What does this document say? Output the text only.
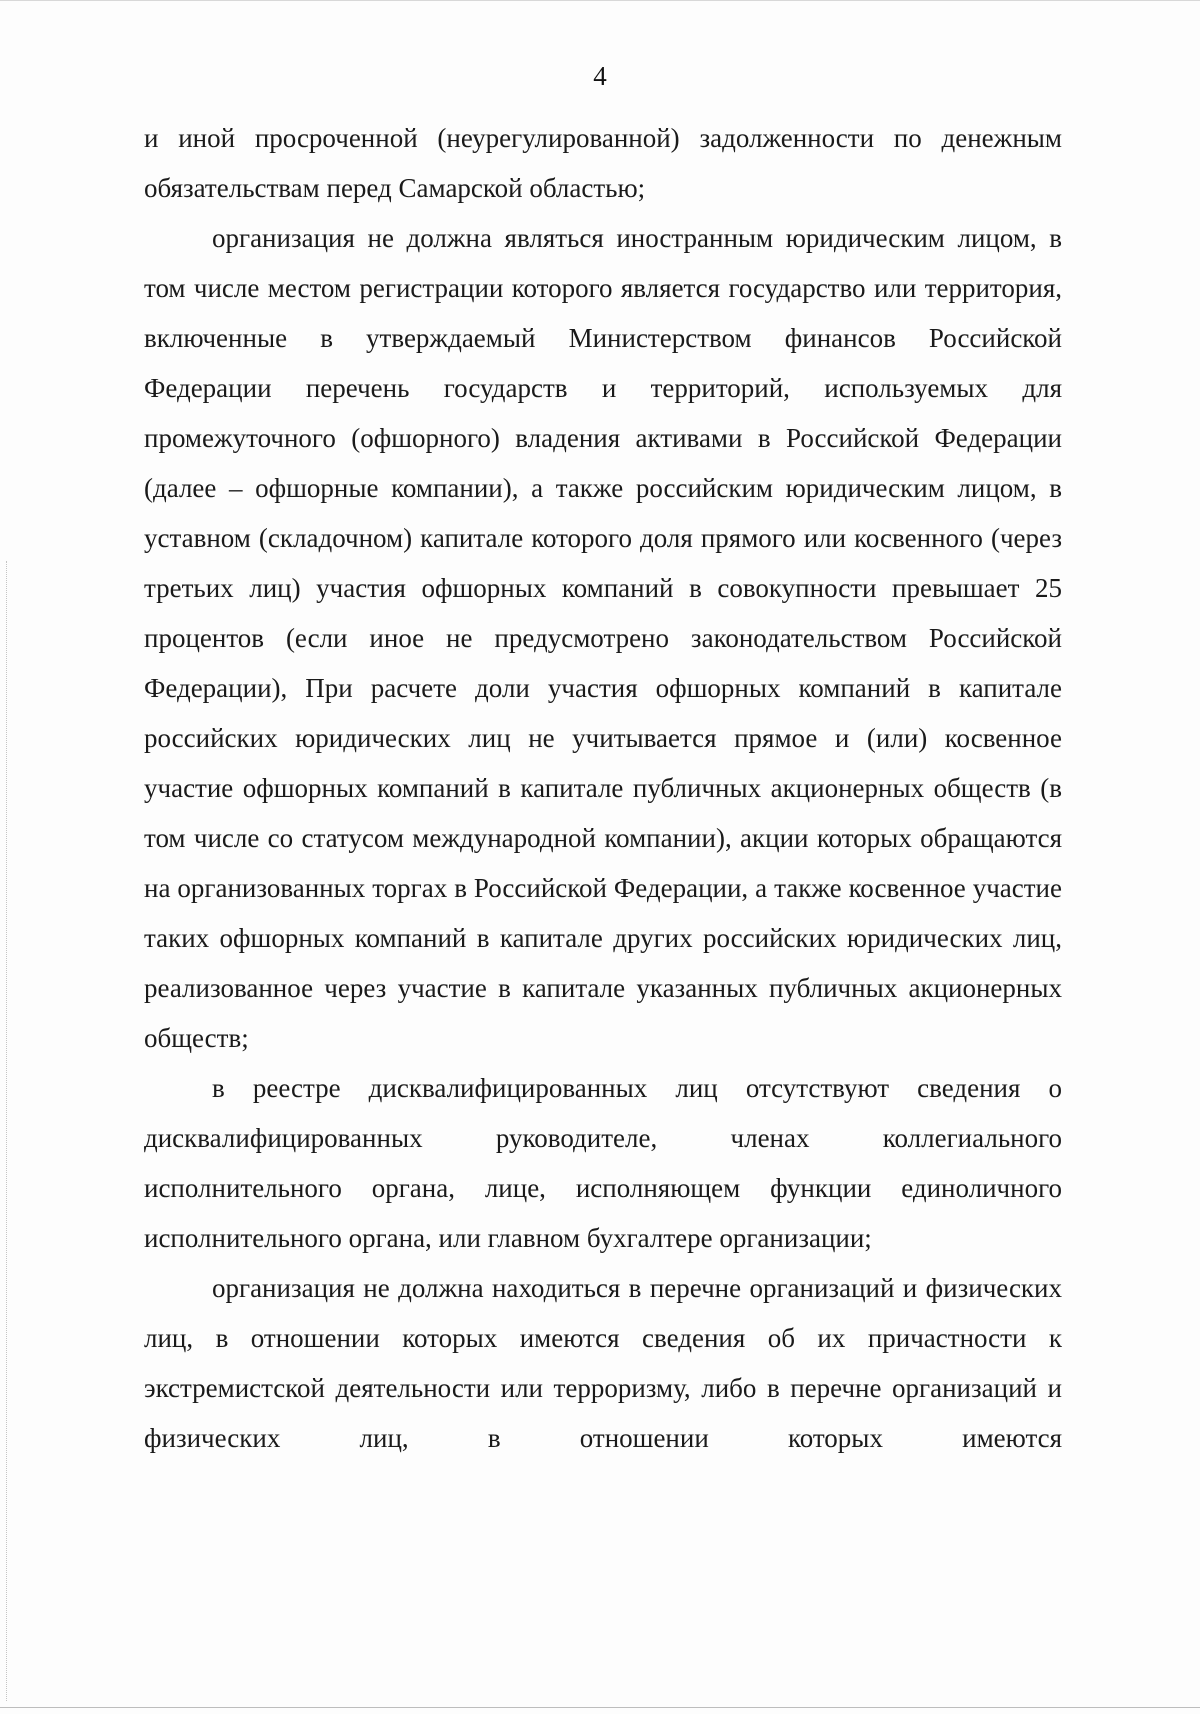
4

и иной просроченной (неурегулированной) задолженности по денежным обязательствам перед Самарской областью;

организация не должна являться иностранным юридическим лицом, в том числе местом регистрации которого является государство или территория, включенные в утверждаемый Министерством финансов Российской Федерации перечень государств и территорий, используемых для промежуточного (офшорного) владения активами в Российской Федерации (далее – офшорные компании), а также российским юридическим лицом, в уставном (складочном) капитале которого доля прямого или косвенного (через третьих лиц) участия офшорных компаний в совокупности превышает 25 процентов (если иное не предусмотрено законодательством Российской Федерации), При расчете доли участия офшорных компаний в капитале российских юридических лиц не учитывается прямое и (или) косвенное участие офшорных компаний в капитале публичных акционерных обществ (в том числе со статусом международной компании), акции которых обращаются на организованных торгах в Российской Федерации, а также косвенное участие таких офшорных компаний в капитале других российских юридических лиц, реализованное через участие в капитале указанных публичных акционерных обществ;

в реестре дисквалифицированных лиц отсутствуют сведения о дисквалифицированных руководителе, членах коллегиального исполнительного органа, лице, исполняющем функции единоличного исполнительного органа, или главном бухгалтере организации;

организация не должна находиться в перечне организаций и физических лиц, в отношении которых имеются сведения об их причастности к экстремистской деятельности или терроризму, либо в перечне организаций и физических лиц, в отношении которых имеются
